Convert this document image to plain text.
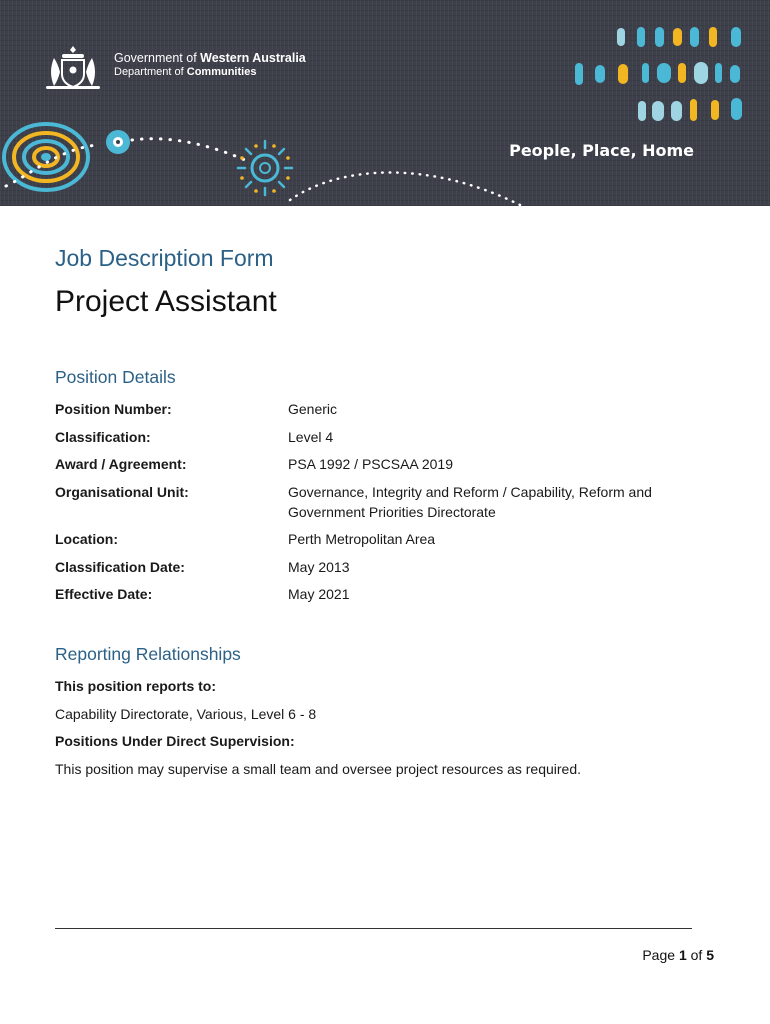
Government of Western Australia
Department of Communities
People, Place, Home
Job Description Form
Project Assistant
Position Details
Position Number:	Generic
Classification:	Level 4
Award / Agreement:	PSA 1992 / PSCSAA 2019
Organisational Unit:	Governance, Integrity and Reform / Capability, Reform and Government Priorities Directorate
Location:	Perth Metropolitan Area
Classification Date:	May 2013
Effective Date:	May 2021
Reporting Relationships

This position reports to:

Capability Directorate, Various, Level 6 - 8

Positions Under Direct Supervision:

This position may supervise a small team and oversee project resources as required.

Page 1 of 5
